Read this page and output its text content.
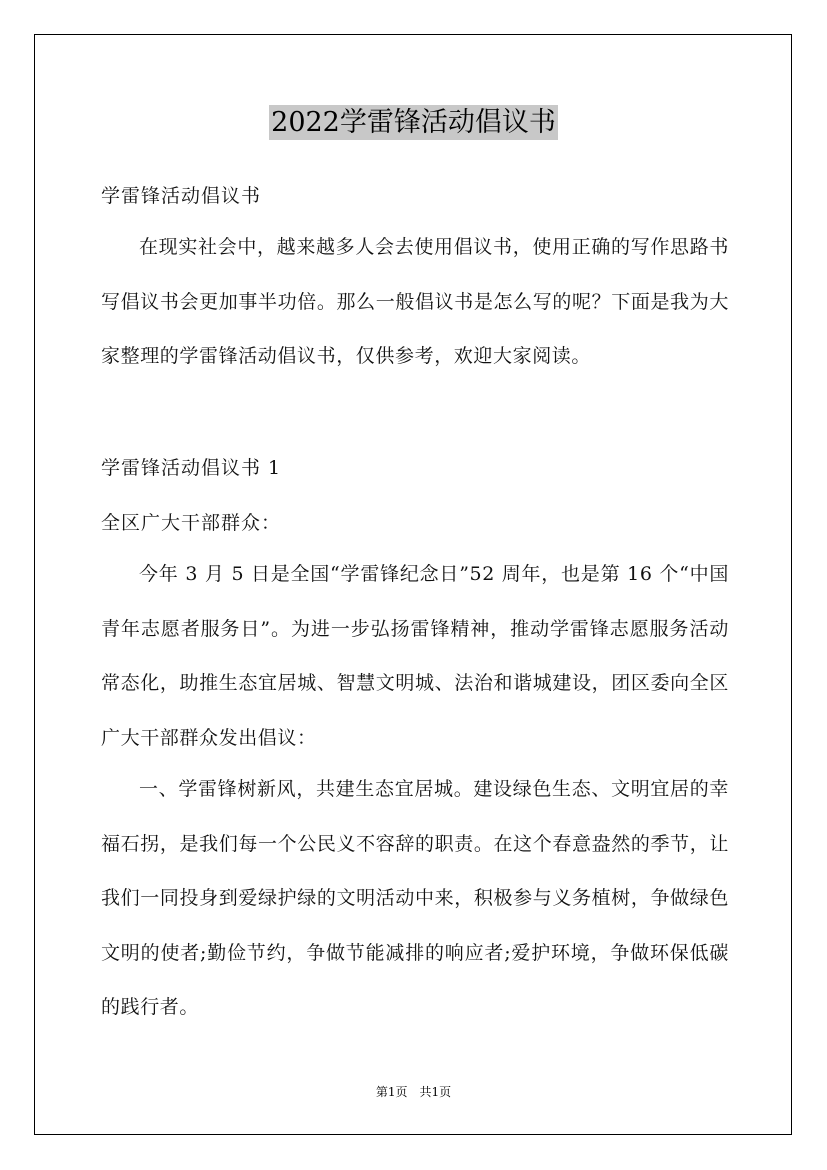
2022学雷锋活动倡议书
学雷锋活动倡议书
在现实社会中，越来越多人会去使用倡议书，使用正确的写作思路书写倡议书会更加事半功倍。那么一般倡议书是怎么写的呢？下面是我为大家整理的学雷锋活动倡议书，仅供参考，欢迎大家阅读。
学雷锋活动倡议书 1
全区广大干部群众：
今年 3 月 5 日是全国“学雷锋纪念日”52 周年，也是第 16 个“中国青年志愿者服务日”。为进一步弘扬雷锋精神，推动学雷锋志愿服务活动常态化，助推生态宜居城、智慧文明城、法治和谐城建设，团区委向全区广大干部群众发出倡议：
一、学雷锋树新风，共建生态宜居城。建设绿色生态、文明宜居的幸福石拐，是我们每一个公民义不容辞的职责。在这个春意盎然的季节，让我们一同投身到爱绿护绿的文明活动中来，积极参与义务植树，争做绿色文明的使者;勤俭节约，争做节能减排的响应者;爱护环境，争做环保低碳的践行者。
第1页　共1页
